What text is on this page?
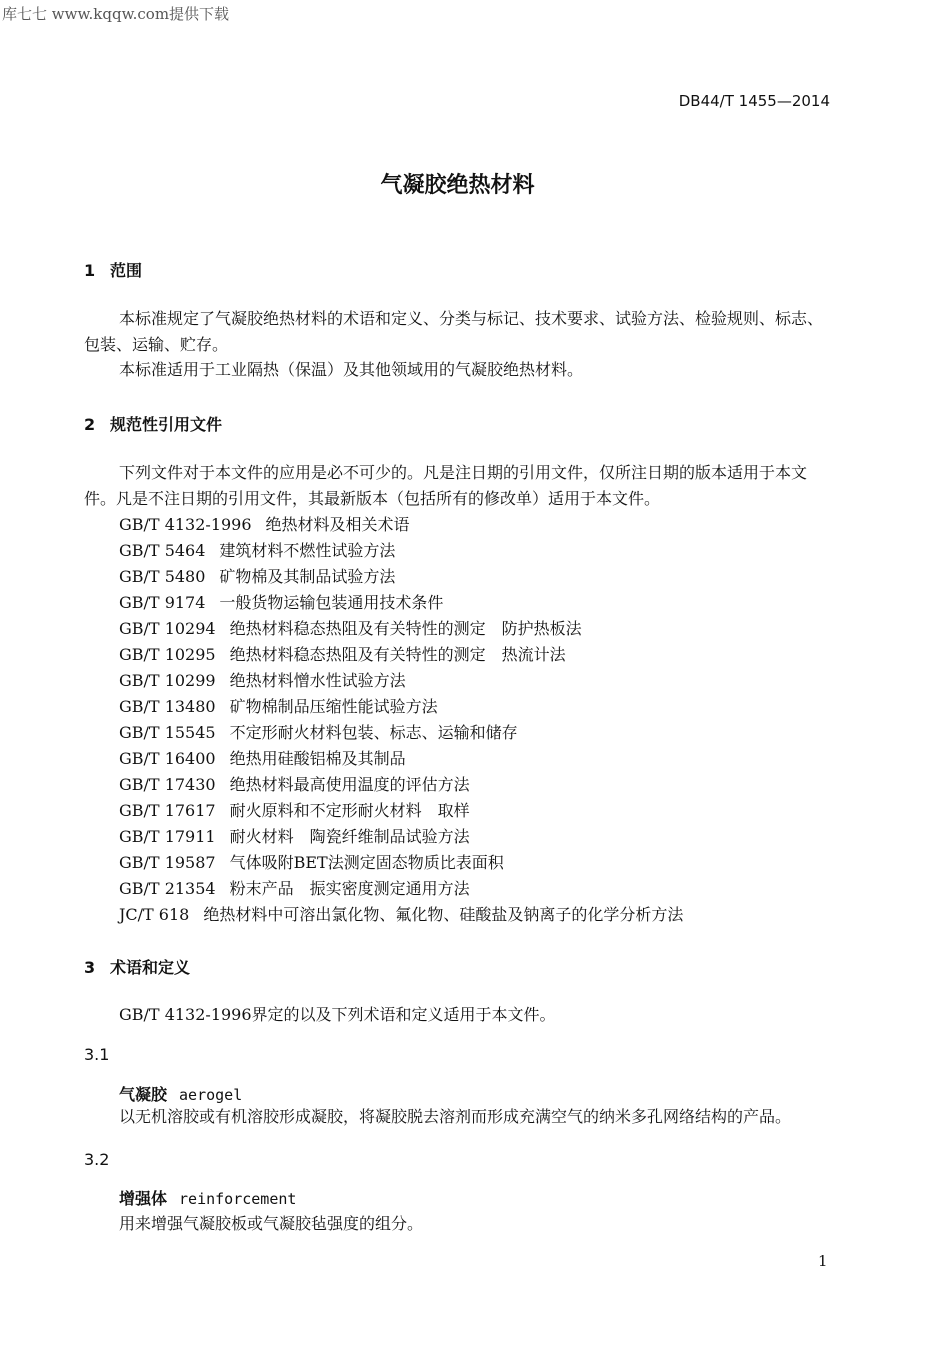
库七七 www.kqqw.com提供下载
DB44/T 1455—2014
气凝胶绝热材料
1 范围
本标准规定了气凝胶绝热材料的术语和定义、分类与标记、技术要求、试验方法、检验规则、标志、包装、运输、贮存。
本标准适用于工业隔热（保温）及其他领域用的气凝胶绝热材料。
2 规范性引用文件
下列文件对于本文件的应用是必不可少的。凡是注日期的引用文件，仅所注日期的版本适用于本文件。凡是不注日期的引用文件，其最新版本（包括所有的修改单）适用于本文件。
GB/T 4132-1996 绝热材料及相关术语
GB/T 5464 建筑材料不燃性试验方法
GB/T 5480 矿物棉及其制品试验方法
GB/T 9174 一般货物运输包装通用技术条件
GB/T 10294 绝热材料稳态热阻及有关特性的测定　防护热板法
GB/T 10295 绝热材料稳态热阻及有关特性的测定　热流计法
GB/T 10299 绝热材料憎水性试验方法
GB/T 13480 矿物棉制品压缩性能试验方法
GB/T 15545 不定形耐火材料包装、标志、运输和储存
GB/T 16400 绝热用硅酸铝棉及其制品
GB/T 17430 绝热材料最高使用温度的评估方法
GB/T 17617 耐火原料和不定形耐火材料　取样
GB/T 17911 耐火材料　陶瓷纤维制品试验方法
GB/T 19587 气体吸附BET法测定固态物质比表面积
GB/T 21354 粉末产品　振实密度测定通用方法
JC/T 618 绝热材料中可溶出氯化物、氟化物、硅酸盐及钠离子的化学分析方法
3 术语和定义
GB/T 4132-1996界定的以及下列术语和定义适用于本文件。
3.1
气凝胶 aerogel
以无机溶胶或有机溶胶形成凝胶，将凝胶脱去溶剂而形成充满空气的纳米多孔网络结构的产品。
3.2
增强体 reinforcement
用来增强气凝胶板或气凝胶毡强度的组分。
1
